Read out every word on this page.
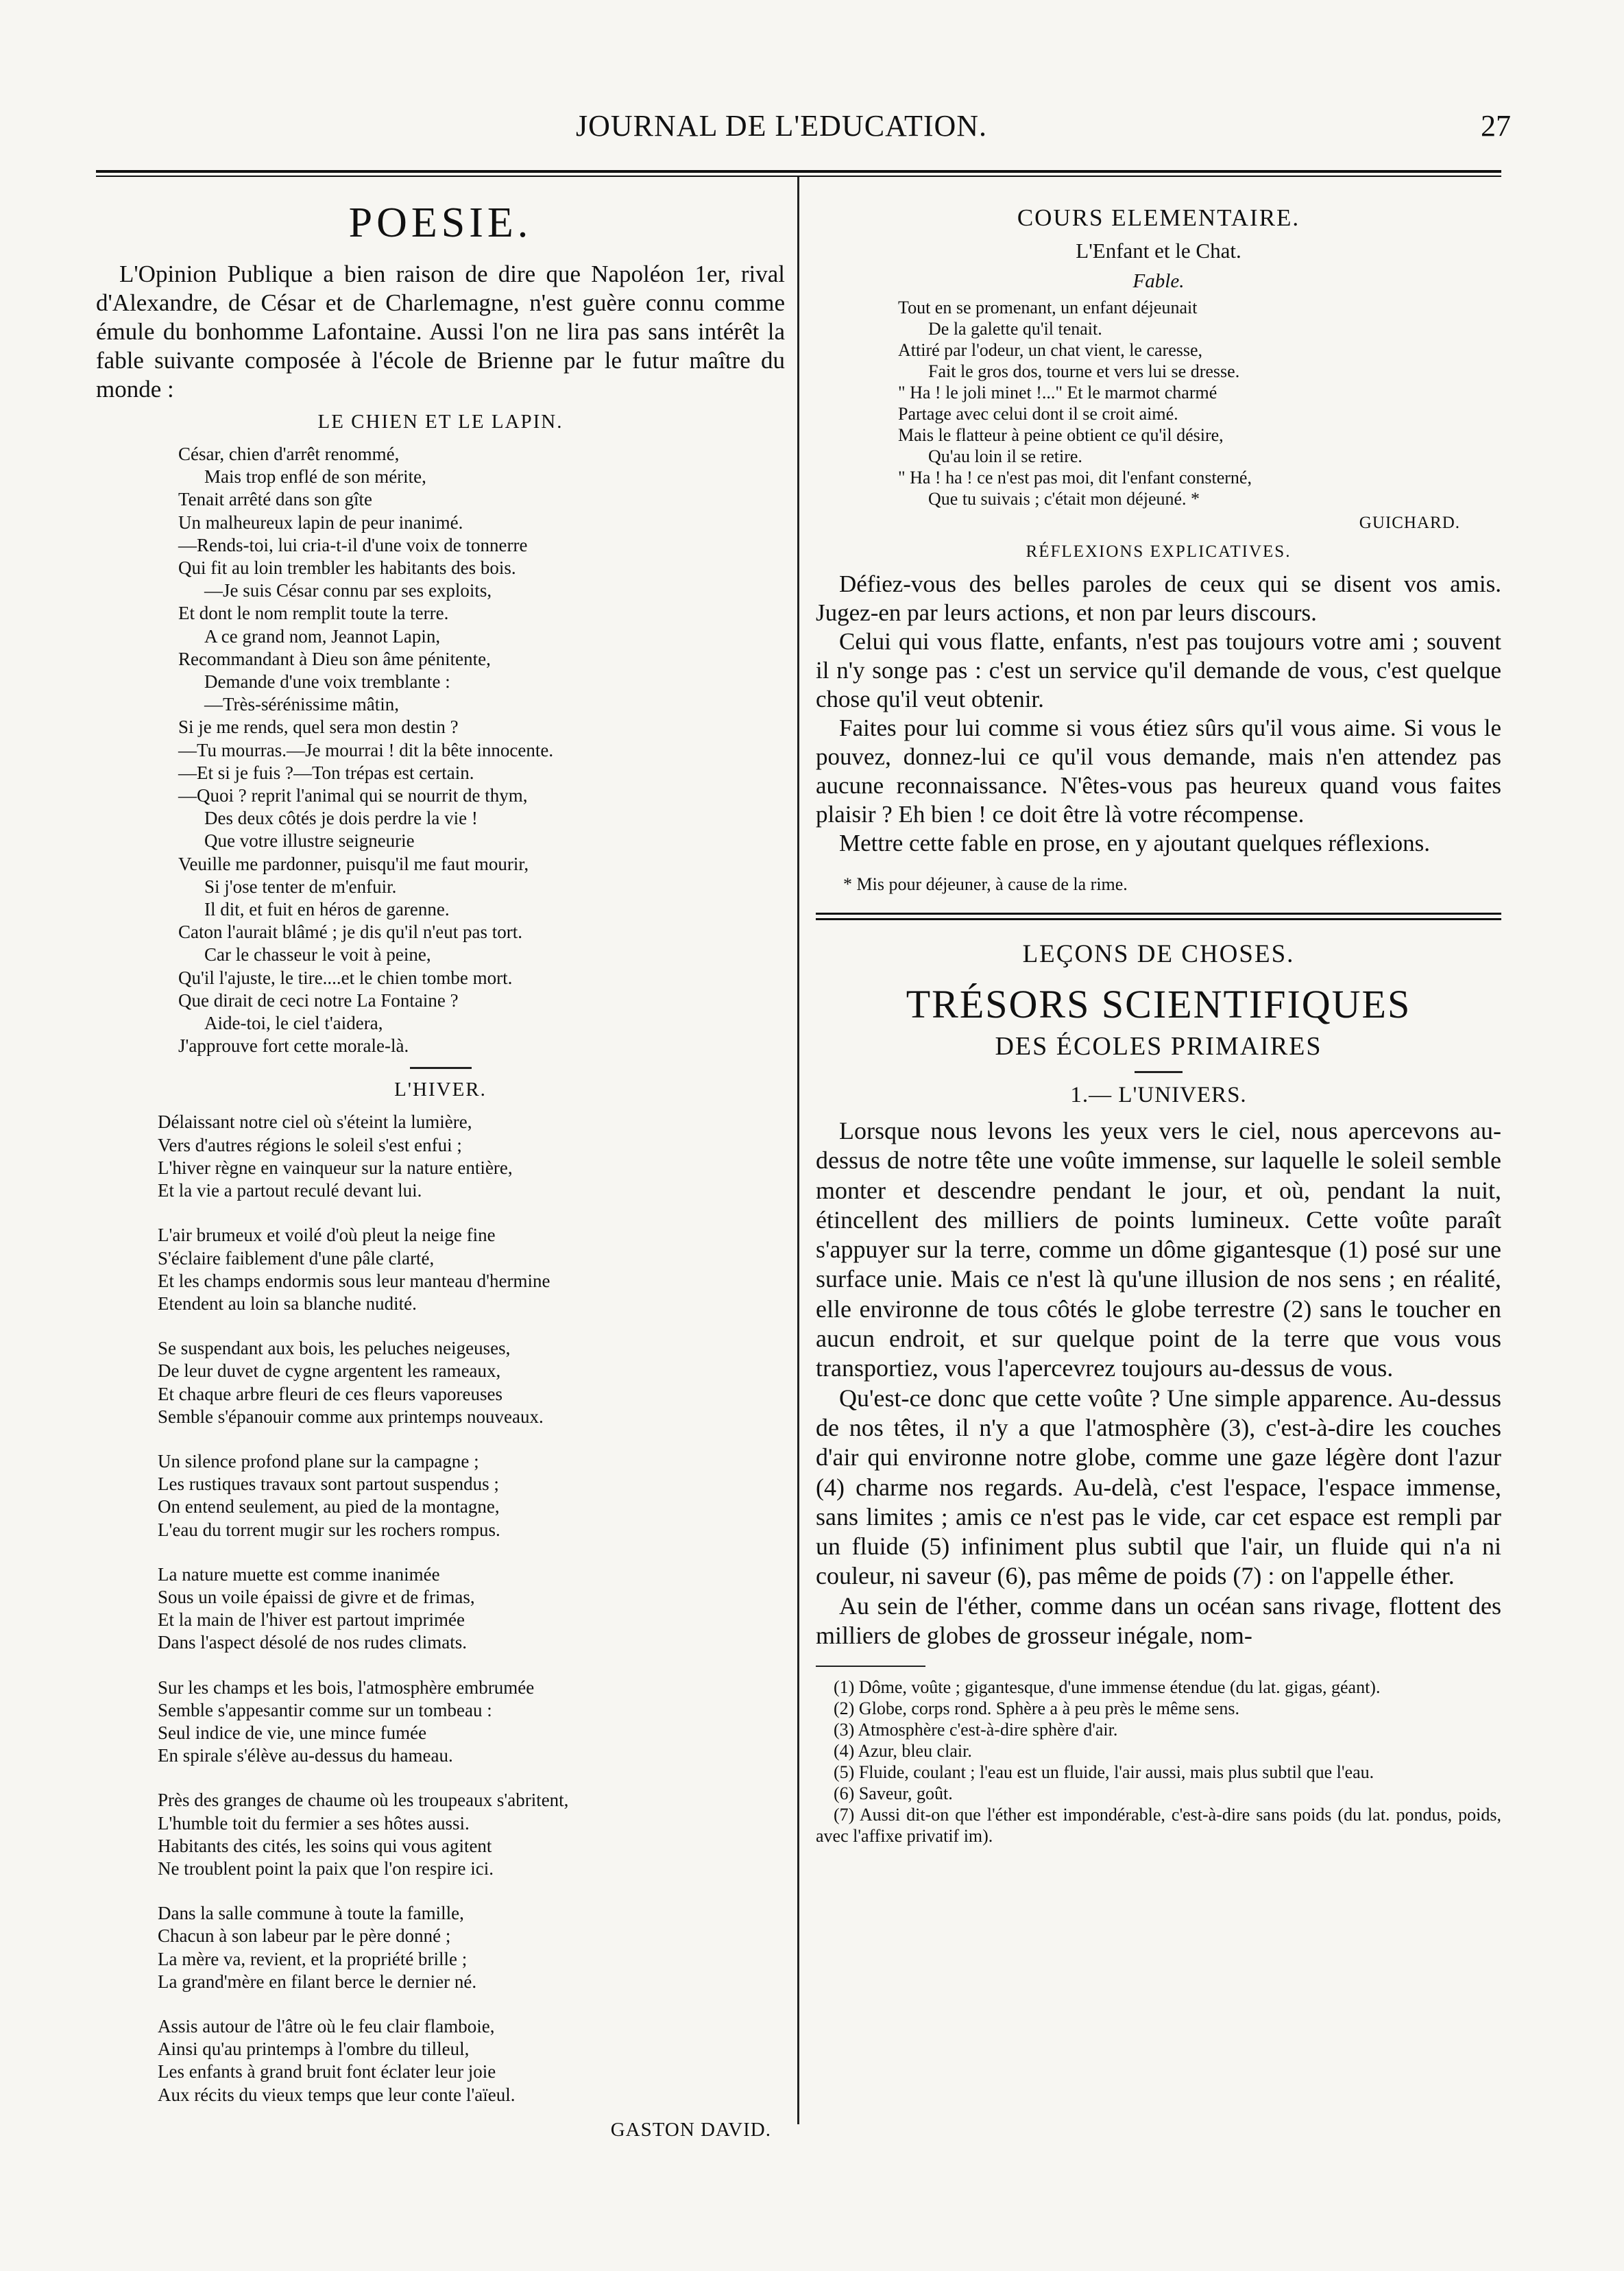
JOURNAL DE L'EDUCATION.	27
POESIE.

L'Opinion Publique a bien raison de dire que Napoléon 1er, rival d'Alexandre, de César et de Charlemagne, n'est guère connu comme émule du bonhomme Lafontaine. Aussi l'on ne lira pas sans intérêt la fable suivante composée à l'école de Brienne par le futur maître du monde :

LE CHIEN ET LE LAPIN.
César, chien d'arrêt renommé,
Mais trop enflé de son mérite,
Tenait arrêté dans son gîte
Un malheureux lapin de peur inanimé.
—Rends-toi, lui cria-t-il d'une voix de tonnerre
Qui fit au loin trembler les habitants des bois.
—Je suis César connu par ses exploits,
Et dont le nom remplit toute la terre.
A ce grand nom, Jeannot Lapin,
Recommandant à Dieu son âme pénitente,
Demande d'une voix tremblante :
—Très-sérénissime mâtin,
Si je me rends, quel sera mon destin ?
—Tu mourras.—Je mourrai ! dit la bête innocente.
—Et si je fuis ?—Ton trépas est certain.
—Quoi ? reprit l'animal qui se nourrit de thym,
Des deux côtés je dois perdre la vie !
Que votre illustre seigneurie
Veuille me pardonner, puisqu'il me faut mourir,
Si j'ose tenter de m'enfuir.
Il dit, et fuit en héros de garenne.
Caton l'aurait blâmé ; je dis qu'il n'eut pas tort.
Car le chasseur le voit à peine,
Qu'il l'ajuste, le tire....et le chien tombe mort.
Que dirait de ceci notre La Fontaine ?
Aide-toi, le ciel t'aidera,
J'approuve fort cette morale-là.
L'HIVER.
Délaissant notre ciel où s'éteint la lumière,
Vers d'autres régions le soleil s'est enfui ;
L'hiver règne en vainqueur sur la nature entière,
Et la vie a partout reculé devant lui.
L'air brumeux et voilé d'où pleut la neige fine
S'éclaire faiblement d'une pâle clarté,
Et les champs endormis sous leur manteau d'hermine
Etendent au loin sa blanche nudité.
Se suspendant aux bois, les peluches neigeuses,
De leur duvet de cygne argentent les rameaux,
Et chaque arbre fleuri de ces fleurs vaporeuses
Semble s'épanouir comme aux printemps nouveaux.
Un silence profond plane sur la campagne ;
Les rustiques travaux sont partout suspendus ;
On entend seulement, au pied de la montagne,
L'eau du torrent mugir sur les rochers rompus.
La nature muette est comme inanimée
Sous un voile épaissi de givre et de frimas,
Et la main de l'hiver est partout imprimée
Dans l'aspect désolé de nos rudes climats.
Sur les champs et les bois, l'atmosphère embrumée
Semble s'appesantir comme sur un tombeau :
Seul indice de vie, une mince fumée
En spirale s'élève au-dessus du hameau.
Près des granges de chaume où les troupeaux s'abritent,
L'humble toit du fermier a ses hôtes aussi.
Habitants des cités, les soins qui vous agitent
Ne troublent point la paix que l'on respire ici.
Dans la salle commune à toute la famille,
Chacun à son labeur par le père donné ;
La mère va, revient, et la propriété brille ;
La grand'mère en filant berce le dernier né.
Assis autour de l'âtre où le feu clair flamboie,
Ainsi qu'au printemps à l'ombre du tilleul,
Les enfants à grand bruit font éclater leur joie
Aux récits du vieux temps que leur conte l'aïeul.
GASTON DAVID.
COURS ELEMENTAIRE.
L'Enfant et le Chat.
Fable.
Tout en se promenant, un enfant déjeunait
De la galette qu'il tenait.
Attiré par l'odeur, un chat vient, le caresse,
Fait le gros dos, tourne et vers lui se dresse.
" Ha ! le joli minet !..." Et le marmot charmé
Partage avec celui dont il se croit aimé.
Mais le flatteur à peine obtient ce qu'il désire,
Qu'au loin il se retire.
" Ha ! ha ! ce n'est pas moi, dit l'enfant consterné,
Que tu suivais ; c'était mon déjeuné. *
GUICHARD.
RÉFLEXIONS EXPLICATIVES.

Défiez-vous des belles paroles de ceux qui se disent vos amis. Jugez-en par leurs actions, et non par leurs discours.

Celui qui vous flatte, enfants, n'est pas toujours votre ami ; souvent il n'y songe pas : c'est un service qu'il demande de vous, c'est quelque chose qu'il veut obtenir.

Faites pour lui comme si vous étiez sûrs qu'il vous aime. Si vous le pouvez, donnez-lui ce qu'il vous demande, mais n'en attendez pas aucune reconnaissance. N'êtes-vous pas heureux quand vous faites plaisir ? Eh bien ! ce doit être là votre récompense.

Mettre cette fable en prose, en y ajoutant quelques réflexions.

* Mis pour déjeuner, à cause de la rime.
LEÇONS DE CHOSES.
TRÉSORS SCIENTIFIQUES
DES ÉCOLES PRIMAIRES
1.— L'UNIVERS.

Lorsque nous levons les yeux vers le ciel, nous apercevons au-dessus de notre tête une voûte immense, sur laquelle le soleil semble monter et descendre pendant le jour, et où, pendant la nuit, étincellent des milliers de points lumineux. Cette voûte paraît s'appuyer sur la terre, comme un dôme gigantesque (1) posé sur une surface unie. Mais ce n'est là qu'une illusion de nos sens ; en réalité, elle environne de tous côtés le globe terrestre (2) sans le toucher en aucun endroit, et sur quelque point de la terre que vous vous transportiez, vous l'apercevrez toujours au-dessus de vous.

Qu'est-ce donc que cette voûte ? Une simple apparence. Au-dessus de nos têtes, il n'y a que l'atmosphère (3), c'est-à-dire les couches d'air qui environne notre globe, comme une gaze légère dont l'azur (4) charme nos regards. Au-delà, c'est l'espace, l'espace immense, sans limites ; amis ce n'est pas le vide, car cet espace est rempli par un fluide (5) infiniment plus subtil que l'air, un fluide qui n'a ni couleur, ni saveur (6), pas même de poids (7) : on l'appelle éther.

Au sein de l'éther, comme dans un océan sans rivage, flottent des milliers de globes de grosseur inégale, nom-

(1) Dôme, voûte ; gigantesque, d'une immense étendue (du lat. gigas, géant).

(2) Globe, corps rond. Sphère a à peu près le même sens.

(3) Atmosphère c'est-à-dire sphère d'air.

(4) Azur, bleu clair.

(5) Fluide, coulant ; l'eau est un fluide, l'air aussi, mais plus subtil que l'eau.

(6) Saveur, goût.

(7) Aussi dit-on que l'éther est impondérable, c'est-à-dire sans poids (du lat. pondus, poids, avec l'affixe privatif im).
